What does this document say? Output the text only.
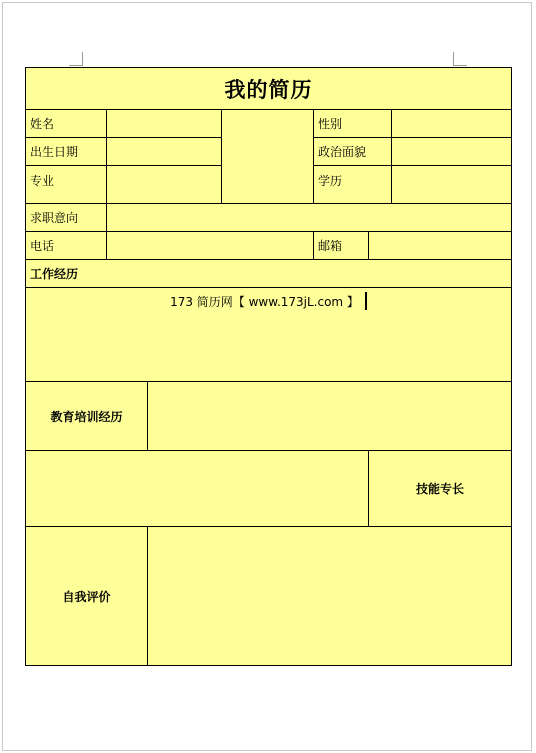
我的简历						
姓名				性别		
出生日期				政治面貌		
专业				学历		
求职意向						
电话				邮箱		
工作经历						
173 简历网【 www.173jL.com 】						
教育培训经历						
					技能专长	
自我评价						
